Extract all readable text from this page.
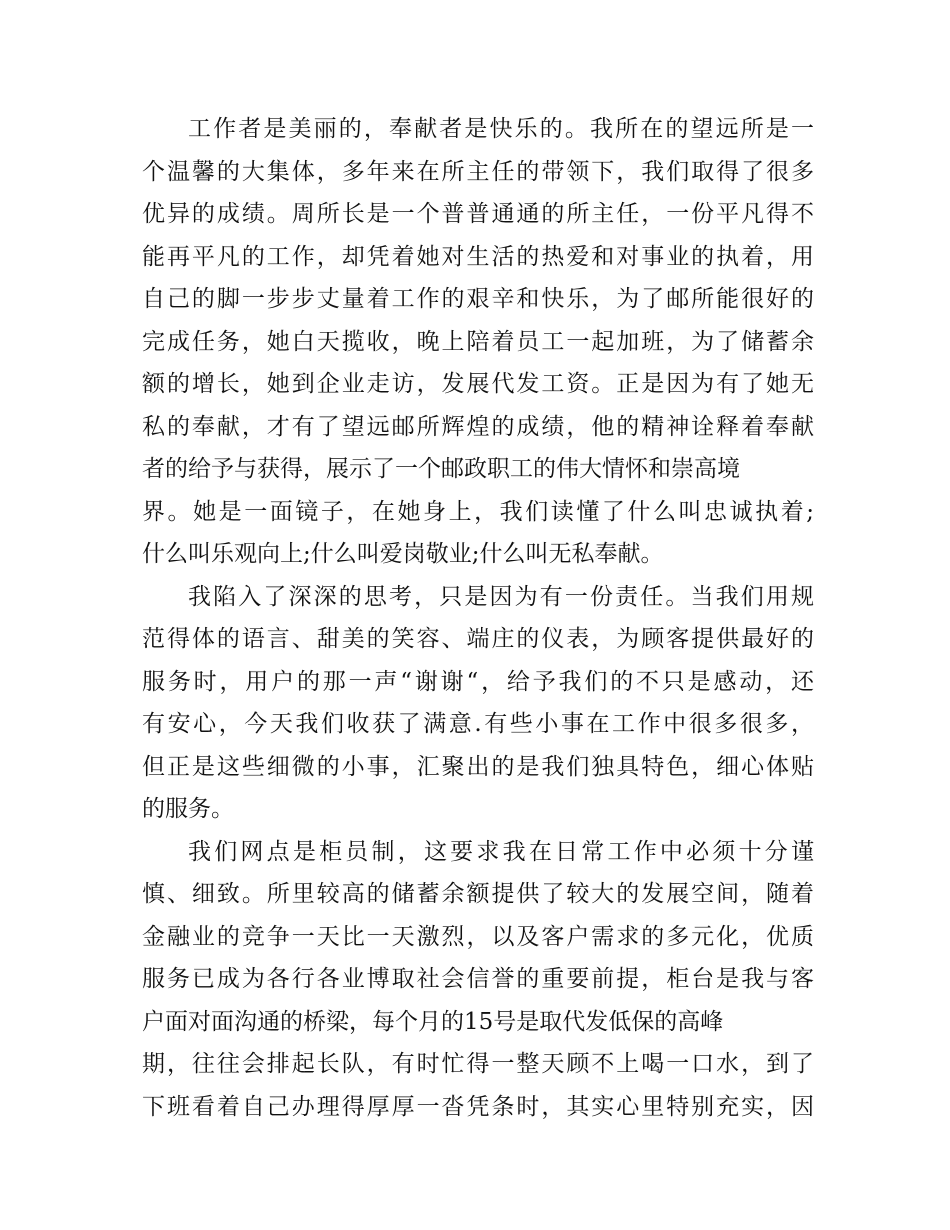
工作者是美丽的，奉献者是快乐的。我所在的望远所是一
个温馨的大集体，多年来在所主任的带领下，我们取得了很多
优异的成绩。周所长是一个普普通通的所主任，一份平凡得不
能再平凡的工作，却凭着她对生活的热爱和对事业的执着，用
自己的脚一步步丈量着工作的艰辛和快乐，为了邮所能很好的
完成任务，她白天揽收，晚上陪着员工一起加班，为了储蓄余
额的增长，她到企业走访，发展代发工资。正是因为有了她无
私的奉献，才有了望远邮所辉煌的成绩，他的精神诠释着奉献
者的给予与获得，展示了一个邮政职工的伟大情怀和崇高境
界。她是一面镜子，在她身上，我们读懂了什么叫忠诚执着;
什么叫乐观向上;什么叫爱岗敬业;什么叫无私奉献。
我陷入了深深的思考，只是因为有一份责任。当我们用规
范得体的语言、甜美的笑容、端庄的仪表，为顾客提供最好的
服务时，用户的那一声“谢谢“，给予我们的不只是感动，还
有安心，今天我们收获了满意.有些小事在工作中很多很多，
但正是这些细微的小事，汇聚出的是我们独具特色，细心体贴
的服务。
我们网点是柜员制，这要求我在日常工作中必须十分谨
慎、细致。所里较高的储蓄余额提供了较大的发展空间，随着
金融业的竞争一天比一天激烈，以及客户需求的多元化，优质
服务已成为各行各业博取社会信誉的重要前提，柜台是我与客
户面对面沟通的桥梁，每个月的15号是取代发低保的高峰
期，往往会排起长队，有时忙得一整天顾不上喝一口水，到了
下班看着自己办理得厚厚一沓凭条时，其实心里特别充实，因
